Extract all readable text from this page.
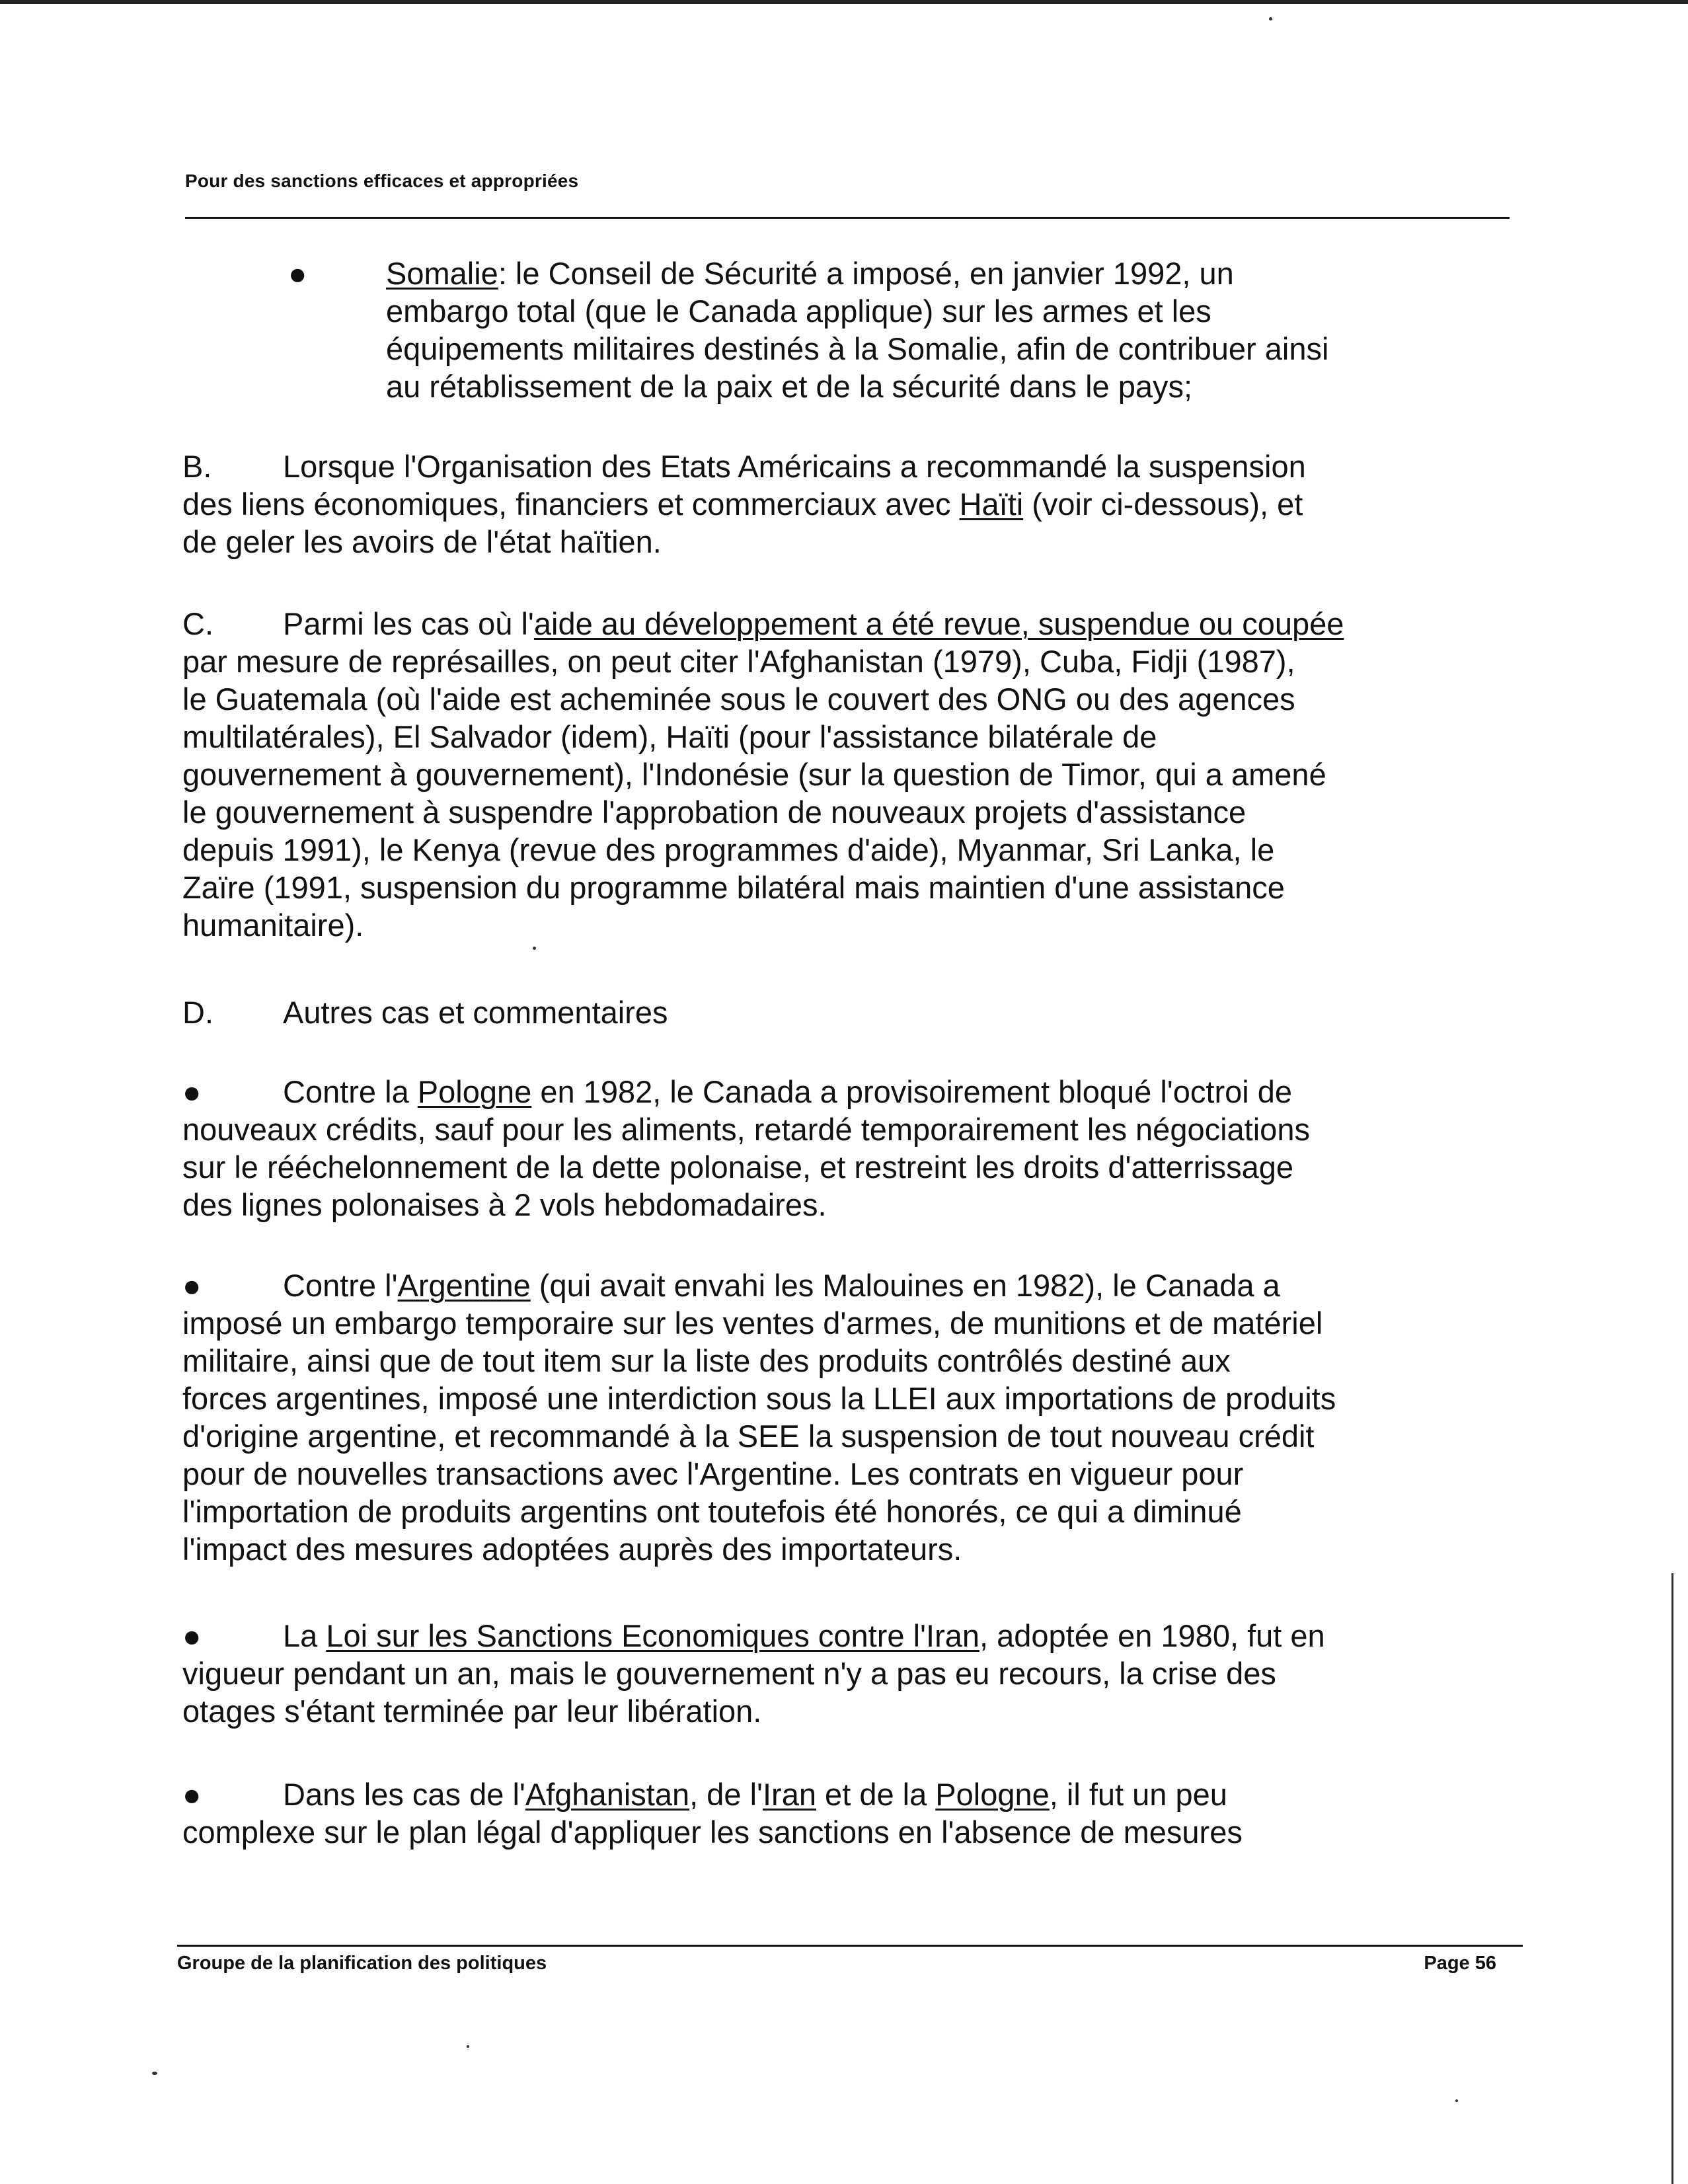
Pour des sanctions efficaces et appropriées
●	Somalie: le Conseil de Sécurité a imposé, en janvier 1992, un
embargo total (que le Canada applique) sur les armes et les
équipements militaires destinés à la Somalie, afin de contribuer ainsi
au rétablissement de la paix et de la sécurité dans le pays;
B. Lorsque l'Organisation des Etats Américains a recommandé la suspension
des liens économiques, financiers et commerciaux avec Haïti (voir ci-dessous), et
de geler les avoirs de l'état haïtien.
C. Parmi les cas où l'aide au développement a été revue, suspendue ou coupée
par mesure de représailles, on peut citer l'Afghanistan (1979), Cuba, Fidji (1987),
le Guatemala (où l'aide est acheminée sous le couvert des ONG ou des agences
multilatérales), El Salvador (idem), Haïti (pour l'assistance bilatérale de
gouvernement à gouvernement), l'Indonésie (sur la question de Timor, qui a amené
le gouvernement à suspendre l'approbation de nouveaux projets d'assistance
depuis 1991), le Kenya (revue des programmes d'aide), Myanmar, Sri Lanka, le
Zaïre (1991, suspension du programme bilatéral mais maintien d'une assistance
humanitaire).
D. Autres cas et commentaires
●	Contre la Pologne en 1982, le Canada a provisoirement bloqué l'octroi de
nouveaux crédits, sauf pour les aliments, retardé temporairement les négociations
sur le rééchelonnement de la dette polonaise, et restreint les droits d'atterrissage
des lignes polonaises à 2 vols hebdomadaires.
●	Contre l'Argentine (qui avait envahi les Malouines en 1982), le Canada a
imposé un embargo temporaire sur les ventes d'armes, de munitions et de matériel
militaire, ainsi que de tout item sur la liste des produits contrôlés destiné aux
forces argentines, imposé une interdiction sous la LLEI aux importations de produits
d'origine argentine, et recommandé à la SEE la suspension de tout nouveau crédit
pour de nouvelles transactions avec l'Argentine. Les contrats en vigueur pour
l'importation de produits argentins ont toutefois été honorés, ce qui a diminué
l'impact des mesures adoptées auprès des importateurs.
●	La Loi sur les Sanctions Economiques contre l'Iran, adoptée en 1980, fut en
vigueur pendant un an, mais le gouvernement n'y a pas eu recours, la crise des
otages s'étant terminée par leur libération.
●	Dans les cas de l'Afghanistan, de l'Iran et de la Pologne, il fut un peu
complexe sur le plan légal d'appliquer les sanctions en l'absence de mesures
Groupe de la planification des politiques	Page 56
